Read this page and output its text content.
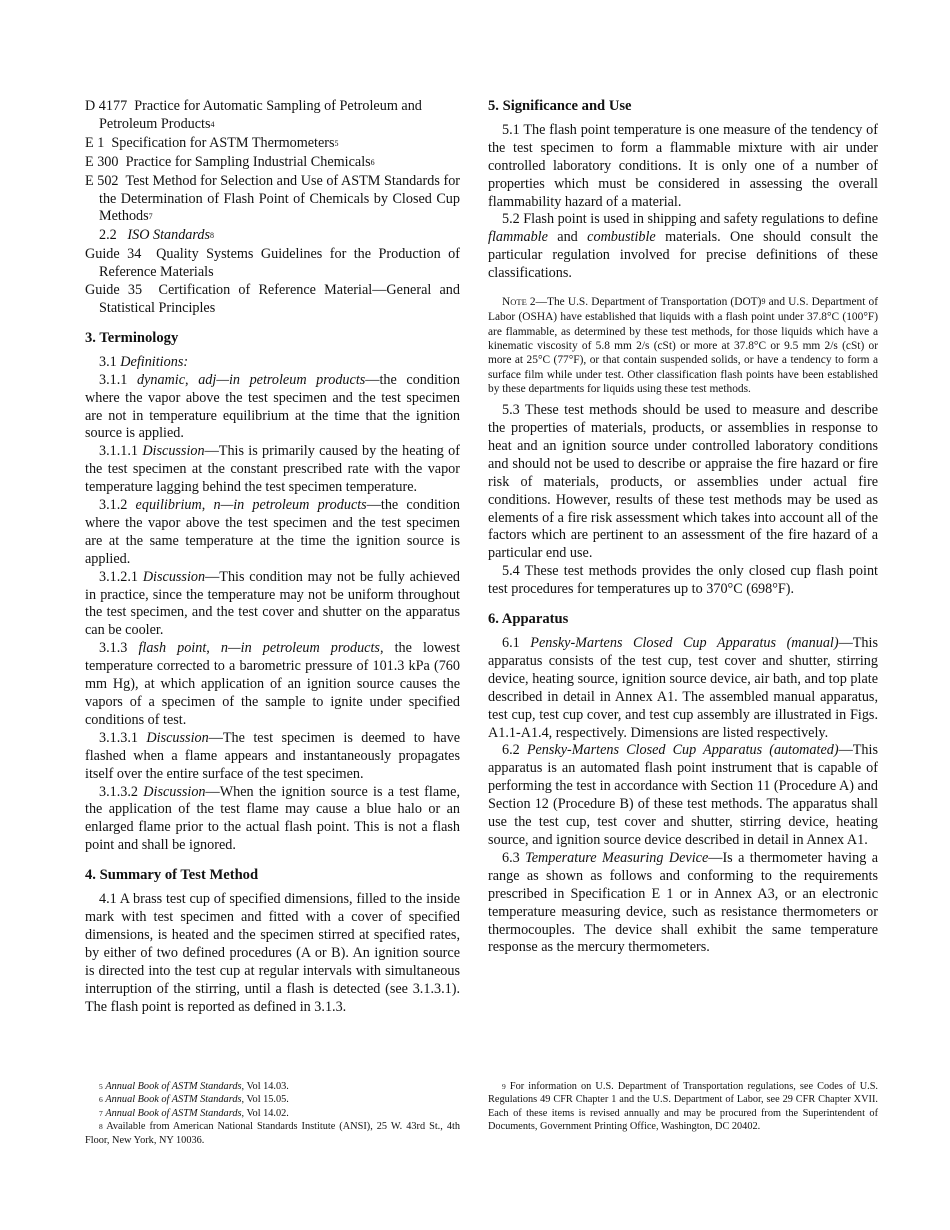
D 4177 Practice for Automatic Sampling of Petroleum and Petroleum Products$^4$

E 1 Specification for ASTM Thermometers$^5$

E 300 Practice for Sampling Industrial Chemicals$^6$

E 502 Test Method for Selection and Use of ASTM Standards for the Determination of Flash Point of Chemicals by Closed Cup Methods$^7$

2.2 ISO Standards$^8$

Guide 34 Quality Systems Guidelines for the Production of Reference Materials

Guide 35 Certification of Reference Material—General and Statistical Principles

3. Terminology

3.1 Definitions:

3.1.1 dynamic, adj—in petroleum products—the condition where the vapor above the test specimen and the test specimen are not in temperature equilibrium at the time that the ignition source is applied.

3.1.1.1 Discussion—This is primarily caused by the heating of the test specimen at the constant prescribed rate with the vapor temperature lagging behind the test specimen temperature.

3.1.2 equilibrium, n—in petroleum products—the condition where the vapor above the test specimen and the test specimen are at the same temperature at the time the ignition source is applied.

3.1.2.1 Discussion—This condition may not be fully achieved in practice, since the temperature may not be uniform throughout the test specimen, and the test cover and shutter on the apparatus can be cooler.

3.1.3 flash point, n—in petroleum products, the lowest temperature corrected to a barometric pressure of 101.3 kPa (760 mm Hg), at which application of an ignition source causes the vapors of a specimen of the sample to ignite under specified conditions of test.

3.1.3.1 Discussion—The test specimen is deemed to have flashed when a flame appears and instantaneously propagates itself over the entire surface of the test specimen.

3.1.3.2 Discussion—When the ignition source is a test flame, the application of the test flame may cause a blue halo or an enlarged flame prior to the actual flash point. This is not a flash point and shall be ignored.

4. Summary of Test Method

4.1 A brass test cup of specified dimensions, filled to the inside mark with test specimen and fitted with a cover of specified dimensions, is heated and the specimen stirred at specified rates, by either of two defined procedures (A or B). An ignition source is directed into the test cup at regular intervals with simultaneous interruption of the stirring, until a flash is detected (see 3.1.3.1). The flash point is reported as defined in 3.1.3.

5. Significance and Use

5.1 The flash point temperature is one measure of the tendency of the test specimen to form a flammable mixture with air under controlled laboratory conditions. It is only one of a number of properties which must be considered in assessing the overall flammability hazard of a material.

5.2 Flash point is used in shipping and safety regulations to define flammable and combustible materials. One should consult the particular regulation involved for precise definitions of these classifications.

NOTE 2—The U.S. Department of Transportation (DOT)$^9$ and U.S. Department of Labor (OSHA) have established that liquids with a flash point under 37.8°C (100°F) are flammable, as determined by these test methods, for those liquids which have a kinematic viscosity of 5.8 mm 2/s (cSt) or more at 37.8°C or 9.5 mm 2/s (cSt) or more at 25°C (77°F), or that contain suspended solids, or have a tendency to form a surface film while under test. Other classification flash points have been established by these departments for liquids using these test methods.

5.3 These test methods should be used to measure and describe the properties of materials, products, or assemblies in response to heat and an ignition source under controlled laboratory conditions and should not be used to describe or appraise the fire hazard or fire risk of materials, products, or assemblies under actual fire conditions. However, results of these test methods may be used as elements of a fire risk assessment which takes into account all of the factors which are pertinent to an assessment of the fire hazard of a particular end use.

5.4 These test methods provides the only closed cup flash point test procedures for temperatures up to 370°C (698°F).

6. Apparatus

6.1 Pensky-Martens Closed Cup Apparatus (manual)—This apparatus consists of the test cup, test cover and shutter, stirring device, heating source, ignition source device, air bath, and top plate described in detail in Annex A1. The assembled manual apparatus, test cup, test cup cover, and test cup assembly are illustrated in Figs. A1.1-A1.4, respectively. Dimensions are listed respectively.

6.2 Pensky-Martens Closed Cup Apparatus (automated)—This apparatus is an automated flash point instrument that is capable of performing the test in accordance with Section 11 (Procedure A) and Section 12 (Procedure B) of these test methods. The apparatus shall use the test cup, test cover and shutter, stirring device, heating source, and ignition source device described in detail in Annex A1.

6.3 Temperature Measuring Device—Is a thermometer having a range as shown as follows and conforming to the requirements prescribed in Specification E 1 or in Annex A3, or an electronic temperature measuring device, such as resistance thermometers or thermocouples. The device shall exhibit the same temperature response as the mercury thermometers.

5 Annual Book of ASTM Standards, Vol 14.03.

6 Annual Book of ASTM Standards, Vol 15.05.

7 Annual Book of ASTM Standards, Vol 14.02.

8 Available from American National Standards Institute (ANSI), 25 W. 43rd St., 4th Floor, New York, NY 10036.

9 For information on U.S. Department of Transportation regulations, see Codes of U.S. Regulations 49 CFR Chapter 1 and the U.S. Department of Labor, see 29 CFR Chapter XVII. Each of these items is revised annually and may be procured from the Superintendent of Documents, Government Printing Office, Washington, DC 20402.
